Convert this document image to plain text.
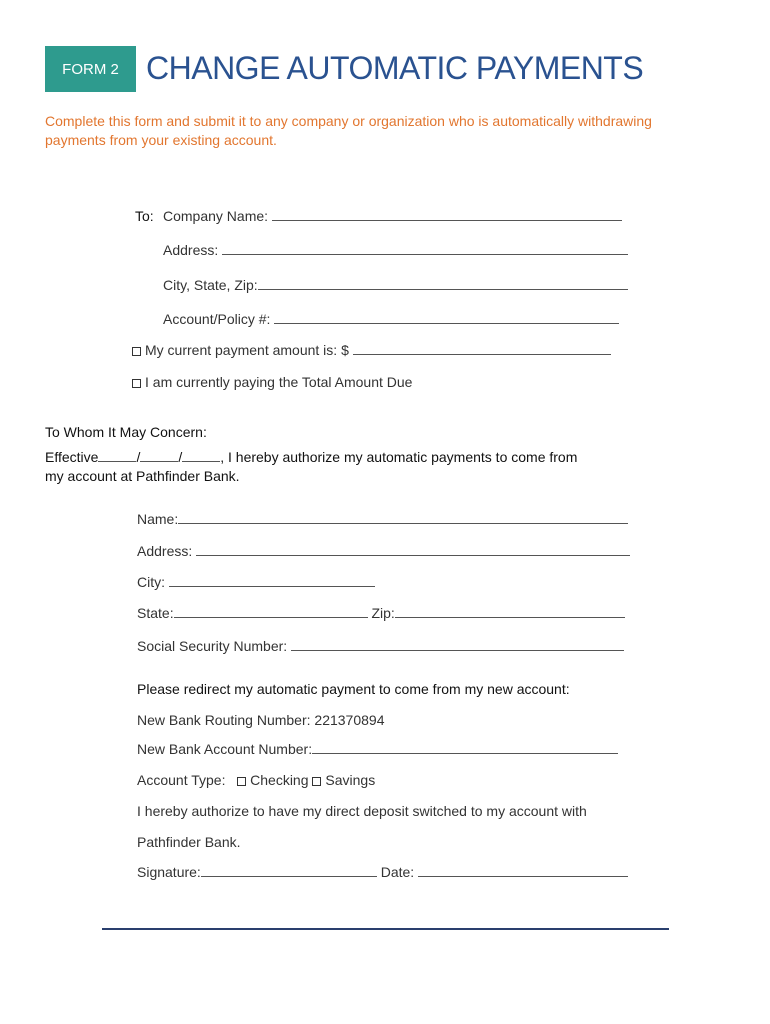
FORM 2 CHANGE AUTOMATIC PAYMENTS
Complete this form and submit it to any company or organization who is automatically withdrawing
payments from your existing account.
To: Company Name:
Address:
City, State, Zip:
Account/Policy #:
My current payment amount is: $
I am currently paying the Total Amount Due
To Whom It May Concern:
Effective	/	/	, I hereby authorize my automatic payments to come from
my account at Pathfinder Bank.
Name:
Address:
City:
State:	Zip:
Social Security Number:
Please redirect my automatic payment to come from my new account:
New Bank Routing Number: 221370894
New Bank Account Number:
Account Type: Checking Savings
I hereby authorize to have my direct deposit switched to my account with
Pathfinder Bank.
Signature:	Date:
